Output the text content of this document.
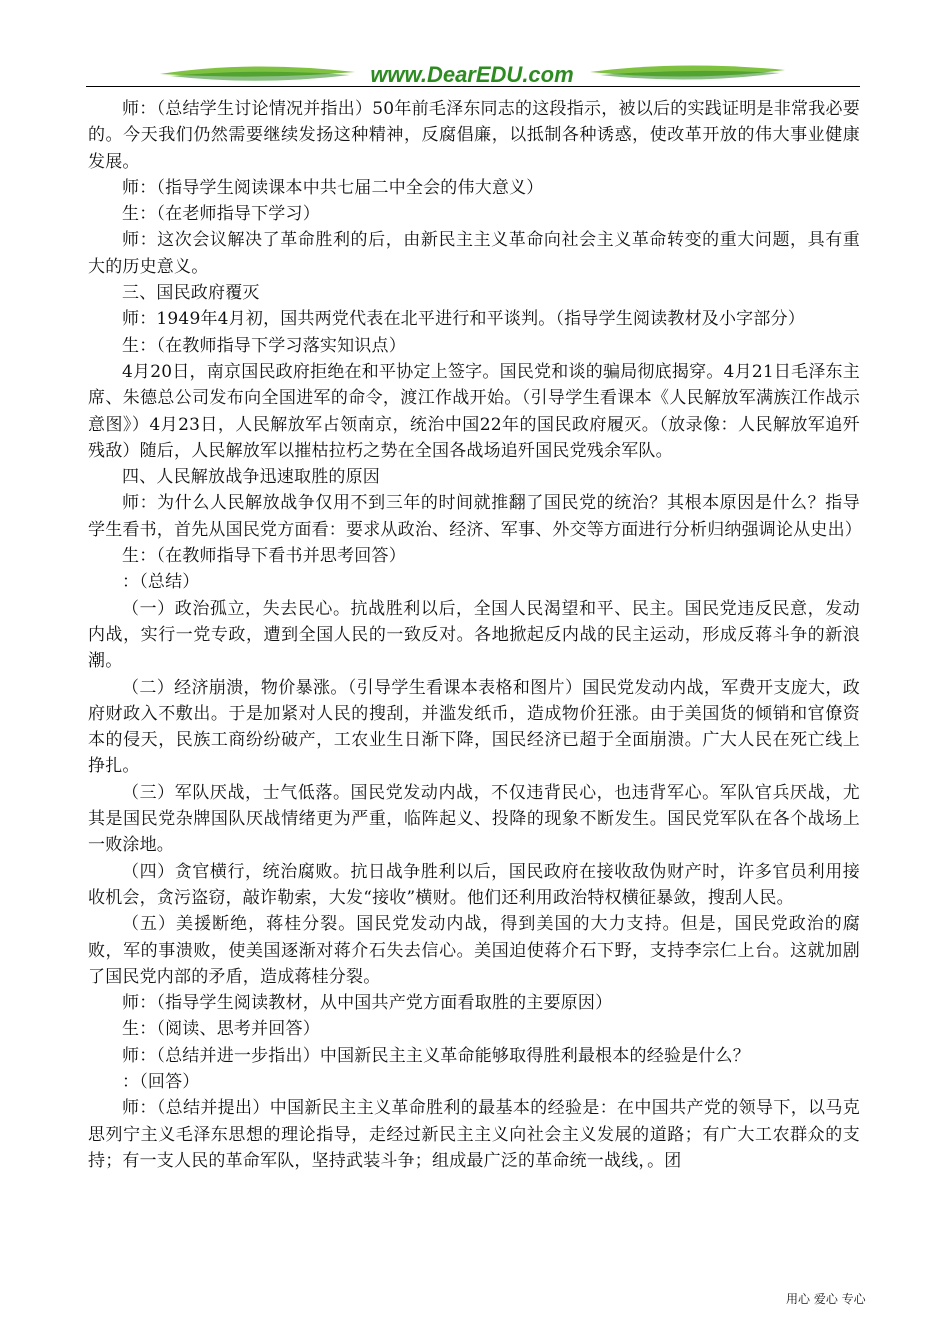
www.DearEDU.com

师：（总结学生讨论情况并指出）50年前毛泽东同志的这段指示，被以后的实践证明是非常我必要的。今天我们仍然需要继续发扬这种精神，反腐倡廉，以抵制各种诱惑，使改革开放的伟大事业健康发展。

师：（指导学生阅读课本中共七届二中全会的伟大意义）

生：（在老师指导下学习）

师：这次会议解决了革命胜利的后，由新民主主义革命向社会主义革命转变的重大问题，具有重大的历史意义。

三、国民政府覆灭

师：1949年4月初，国共两党代表在北平进行和平谈判。（指导学生阅读教材及小字部分）

生：（在教师指导下学习落实知识点）

4月20日，南京国民政府拒绝在和平协定上签字。国民党和谈的骗局彻底揭穿。4月21日毛泽东主席、朱德总公司发布向全国进军的命令，渡江作战开始。（引导学生看课本《人民解放军满族江作战示意图》）4月23日，人民解放军占领南京，统治中国22年的国民政府履灭。（放录像：人民解放军追歼残敌）随后，人民解放军以摧枯拉朽之势在全国各战场追歼国民党残余军队。

四、人民解放战争迅速取胜的原因

师：为什么人民解放战争仅用不到三年的时间就推翻了国民党的统治？其根本原因是什么？指导学生看书，首先从国民党方面看：要求从政治、经济、军事、外交等方面进行分析归纳强调论从史出）

生：（在教师指导下看书并思考回答）

：（总结）

（一）政治孤立，失去民心。抗战胜利以后，全国人民渴望和平、民主。国民党违反民意，发动内战，实行一党专政，遭到全国人民的一致反对。各地掀起反内战的民主运动，形成反蒋斗争的新浪潮。

（二）经济崩溃，物价暴涨。（引导学生看课本表格和图片）国民党发动内战，军费开支庞大，政府财政入不敷出。于是加紧对人民的搜刮，并滥发纸币，造成物价狂涨。由于美国货的倾销和官僚资本的侵天，民族工商纷纷破产，工农业生日渐下降，国民经济已超于全面崩溃。广大人民在死亡线上挣扎。

（三）军队厌战，士气低落。国民党发动内战，不仅违背民心，也违背军心。军队官兵厌战，尤其是国民党杂牌国队厌战情绪更为严重，临阵起义、投降的现象不断发生。国民党军队在各个战场上一败涂地。

（四）贪官横行，统治腐败。抗日战争胜利以后，国民政府在接收敌伪财产时，许多官员利用接收机会，贪污盗窃，敲诈勒索，大发“接收”横财。他们还利用政治特权横征暴敛，搜刮人民。

（五）美援断绝，蒋桂分裂。国民党发动内战，得到美国的大力支持。但是，国民党政治的腐败，军的事溃败，使美国逐渐对蒋介石失去信心。美国迫使蒋介石下野，支持李宗仁上台。这就加剧了国民党内部的矛盾，造成蒋桂分裂。

师：（指导学生阅读教材，从中国共产党方面看取胜的主要原因）

生：（阅读、思考并回答）

师：（总结并进一步指出）中国新民主主义革命能够取得胜利最根本的经验是什么？

：（回答）

师：（总结并提出）中国新民主主义革命胜利的最基本的经验是：在中国共产党的领导下，以马克思列宁主义毛泽东思想的理论指导，走经过新民主主义向社会主义发展的道路；有广大工农群众的支持；有一支人民的革命军队，坚持武装斗争；组成最广泛的革命统一战线，。团

用心 爱心 专心
